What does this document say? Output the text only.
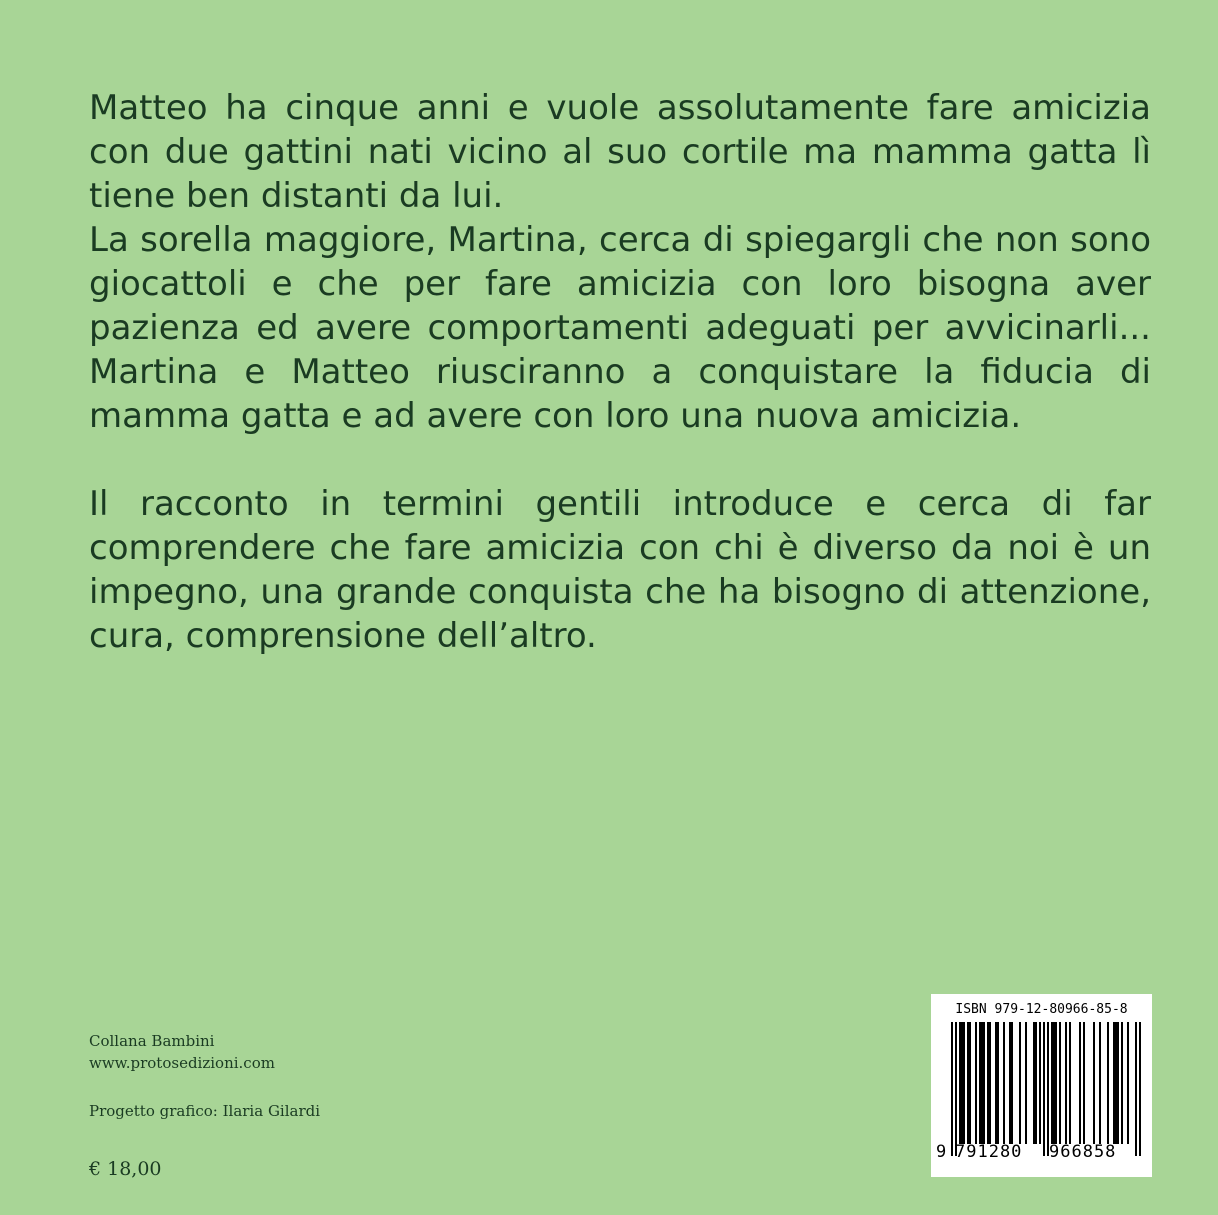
Matteo ha cinque anni e vuole assolutamente fare amicizia con due gattini nati vicino al suo cortile ma mamma gatta lì tiene ben distanti da lui.

La sorella maggiore, Martina, cerca di spiegargli che non sono giocattoli e che per fare amicizia con loro bisogna aver pazienza ed avere comportamenti adeguati per avvicinarli... Martina e Matteo riusciranno a conquistare la fiducia di mamma gatta e ad avere con loro una nuova amicizia.

Il racconto in termini gentili introduce e cerca di far comprendere che fare amicizia con chi è diverso da noi è un impegno, una grande conquista che ha bisogno di attenzione, cura, comprensione dell’altro.

Collana Bambini
www.protosedizioni.com
Progetto grafico: Ilaria Gilardi
€ 18,00
ISBN 979-12-80966-85-8
9 791280 966858
